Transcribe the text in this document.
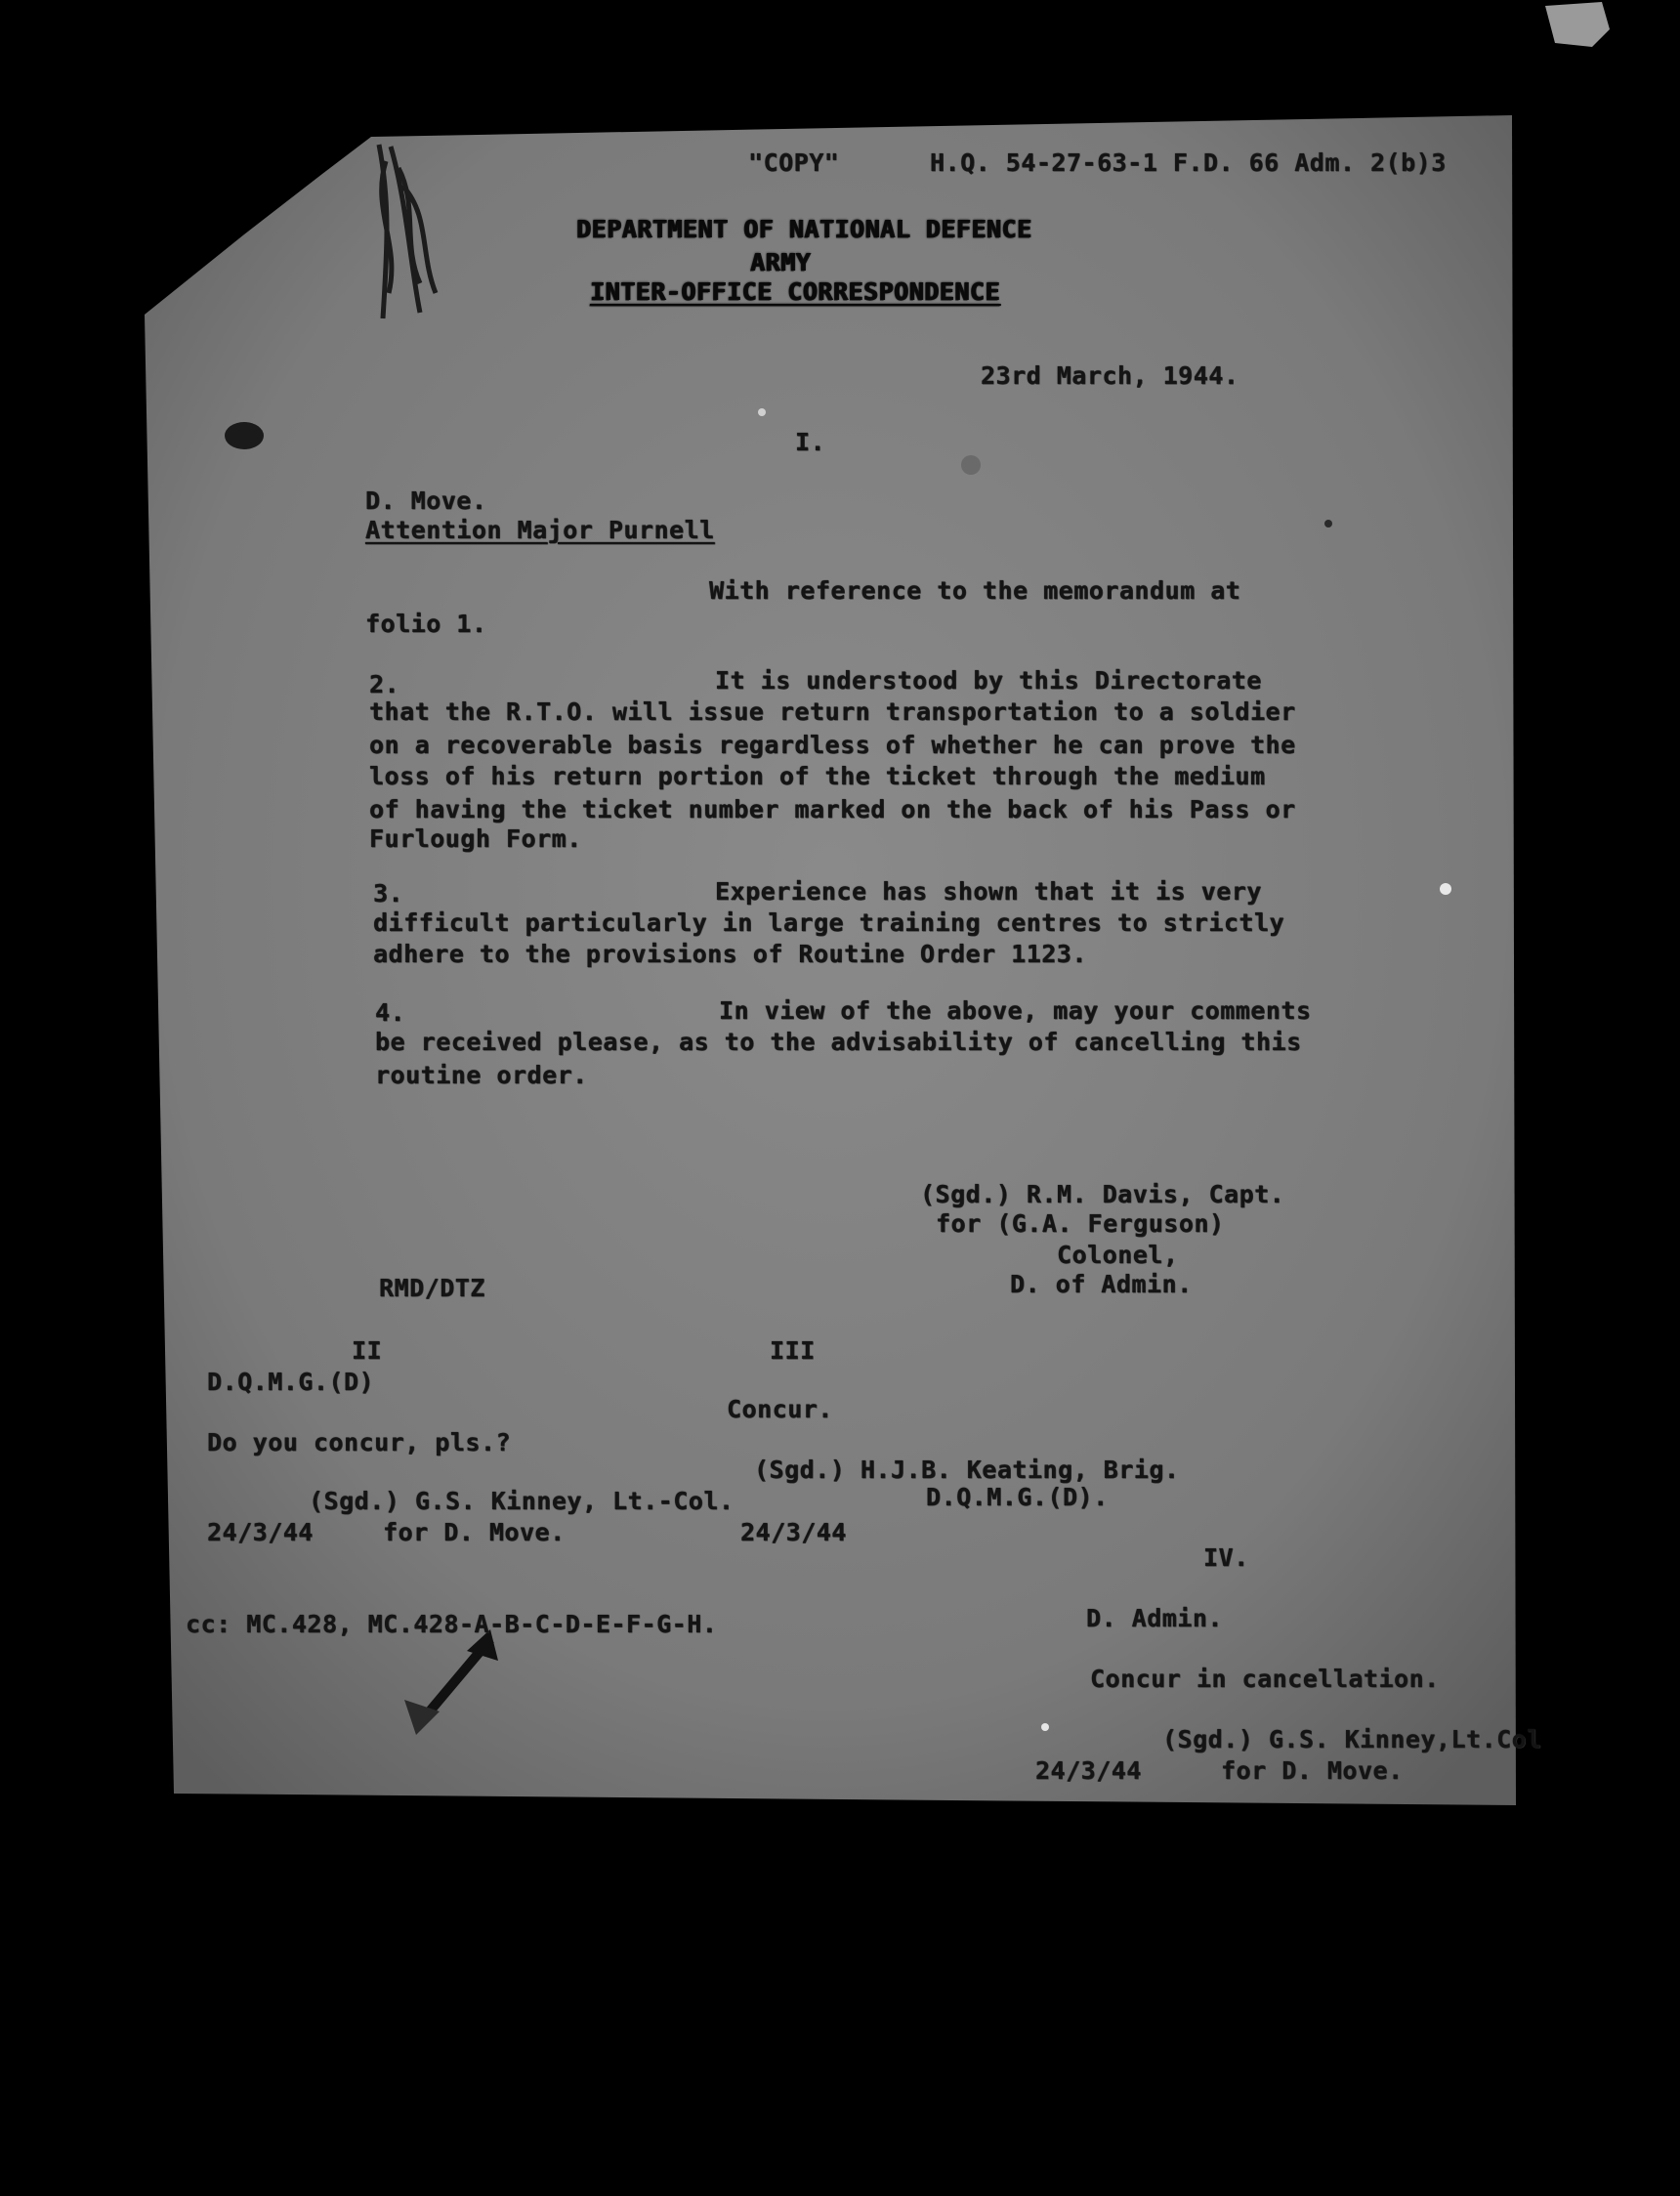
"COPY"	H.Q. 54-27-63-1 F.D. 66 Adm. 2(b)3

DEPARTMENT OF NATIONAL DEFENCE

ARMY

INTER-OFFICE CORRESPONDENCE

23rd March, 1944.

I.

D. Move.

Attention Major Purnell

With reference to the memorandum at

folio 1.

2.	It is understood by this Directorate

that the R.T.O. will issue return transportation to a soldier

on a recoverable basis regardless of whether he can prove the

loss of his return portion of the ticket through the medium

of having the ticket number marked on the back of his Pass or

Furlough Form.

3.	Experience has shown that it is very

difficult particularly in large training centres to strictly

adhere to the provisions of Routine Order 1123.

4.	In view of the above, may your comments

be received please, as to the advisability of cancelling this

routine order.

(Sgd.) R.M. Davis, Capt.

for (G.A. Ferguson)

Colonel,

D. of Admin.

RMD/DTZ

II

D.Q.M.G.(D)

Do you concur, pls.?

(Sgd.) G.S. Kinney, Lt.-Col.

24/3/44	for D. Move.

III

Concur.

(Sgd.) H.J.B. Keating, Brig.

D.Q.M.G.(D).

24/3/44

cc: MC.428, MC.428-A-B-C-D-E-F-G-H.

IV.

D. Admin.

Concur in cancellation.

(Sgd.) G.S. Kinney,Lt.Col

24/3/44	for D. Move.
